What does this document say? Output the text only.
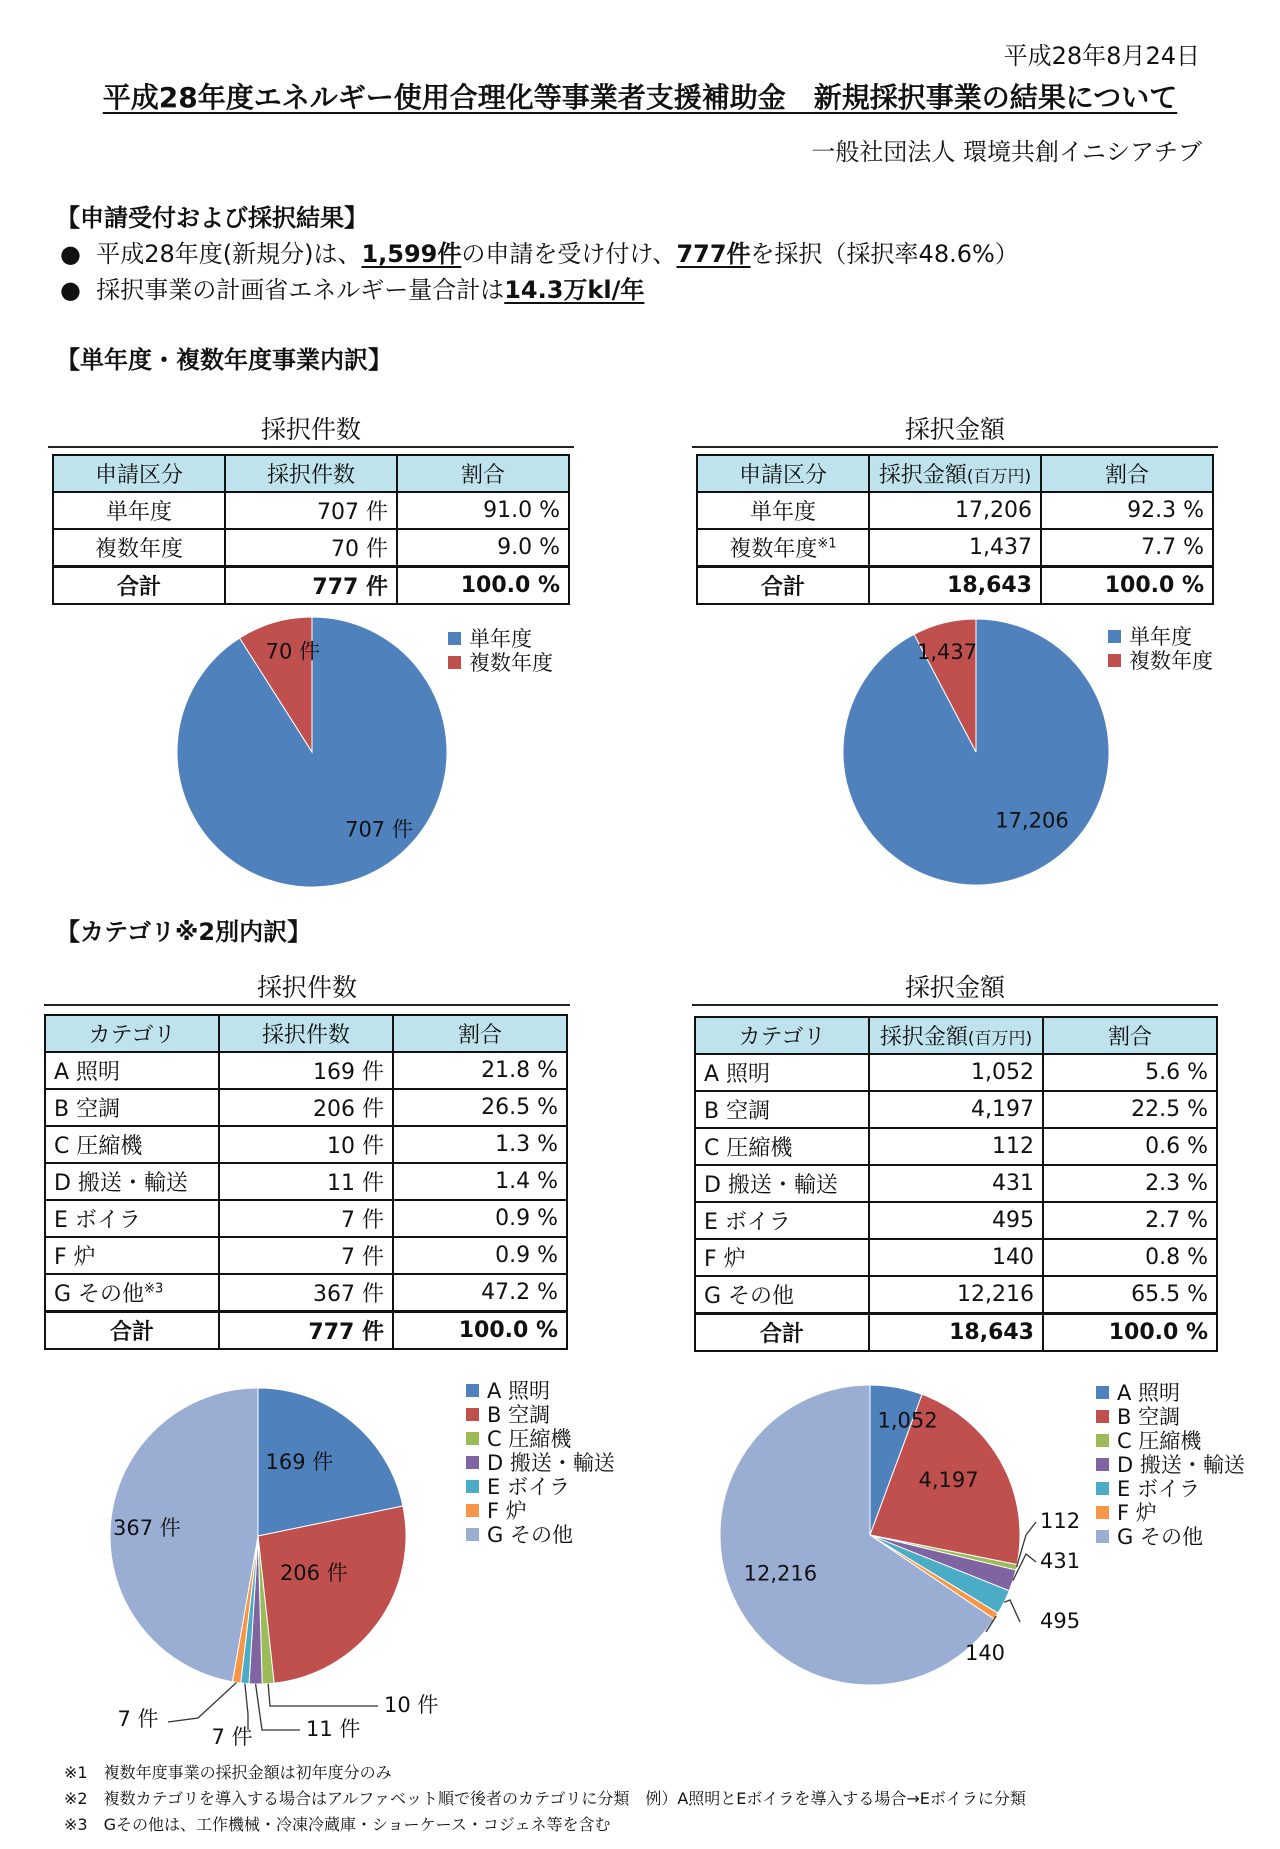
平成28年8月24日
平成28年度エネルギー使用合理化等事業者支援補助金　新規採択事業の結果について
一般社団法人 環境共創イニシアチブ
【申請受付および採択結果】
●  平成28年度(新規分)は、1,599件の申請を受け付け、777件を採択（採択率48.6%）
●  採択事業の計画省エネルギー量合計は14.3万kl/年
【単年度・複数年度事業内訳】
採択件数
申請区分	採択件数	割合
単年度	707 件	91.0 %
複数年度	70 件	9.0 %
合計	777 件	100.0 %
採択金額
申請区分	採択金額(百万円)	割合
単年度	17,206	92.3 %
複数年度$^{※1}$	1,437	7.7 %
合計	18,643	100.0 %
707 件
70 件
17,206
1,437
単年度
複数年度
単年度
複数年度
【カテゴリ※2別内訳】
採択件数
カテゴリ	採択件数	割合
A 照明	169 件	21.8 %
B 空調	206 件	26.5 %
C 圧縮機	10 件	1.3 %
D 搬送・輸送	11 件	1.4 %
E ボイラ	7 件	0.9 %
F 炉	7 件	0.9 %
G その他$^{※3}$	367 件	47.2 %
合計	777 件	100.0 %
採択金額
カテゴリ	採択金額(百万円)	割合
A 照明	1,052	5.6 %
B 空調	4,197	22.5 %
C 圧縮機	112	0.6 %
D 搬送・輸送	431	2.3 %
E ボイラ	495	2.7 %
F 炉	140	0.8 %
G その他	12,216	65.5 %
合計	18,643	100.0 %
169 件
206 件
10 件
11 件
7 件
7 件
367 件
1,052
4,197
112
431
495
140
12,216
A 照明
B 空調
C 圧縮機
D 搬送・輸送
E ボイラ
F 炉
G その他
A 照明
B 空調
C 圧縮機
D 搬送・輸送
E ボイラ
F 炉
G その他
※1　複数年度事業の採択金額は初年度分のみ
※2　複数カテゴリを導入する場合はアルファベット順で後者のカテゴリに分類　例）A照明とEボイラを導入する場合→Eボイラに分類
※3　Gその他は、工作機械・冷凍冷蔵庫・ショーケース・コジェネ等を含む
